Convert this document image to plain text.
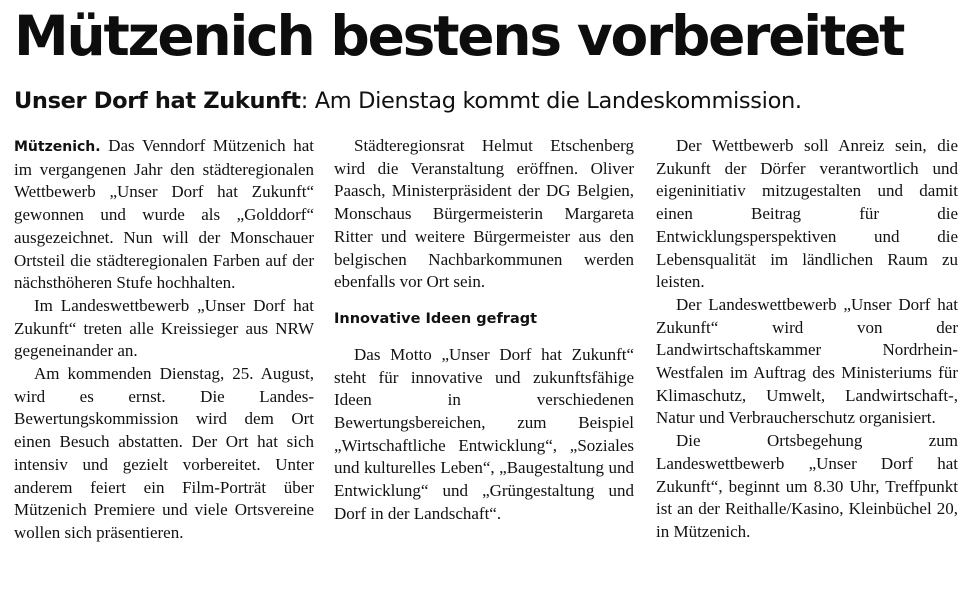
Mützenich bestens vorbereitet

Unser Dorf hat Zukunft: Am Dienstag kommt die Landeskommission.

Mützenich. Das Venndorf Mützenich hat im vergangenen Jahr den städteregionalen Wettbewerb „Unser Dorf hat Zukunft“ gewonnen und wurde als „Golddorf“ ausgezeichnet. Nun will der Monschauer Ortsteil die städteregionalen Farben auf der nächsthöheren Stufe hochhalten.

Im Landeswettbewerb „Unser Dorf hat Zukunft“ treten alle Kreissieger aus NRW gegeneinander an.

Am kommenden Dienstag, 25. August, wird es ernst. Die Landes-Bewertungskommission wird dem Ort einen Besuch abstatten. Der Ort hat sich intensiv und gezielt vorbereitet. Unter anderem feiert ein Film-Porträt über Mützenich Premiere und viele Ortsvereine wollen sich präsentieren.

Städteregionsrat Helmut Etschenberg wird die Veranstaltung eröffnen. Oliver Paasch, Ministerpräsident der DG Belgien, Monschaus Bürgermeisterin Margareta Ritter und weitere Bürgermeister aus den belgischen Nachbarkommunen werden ebenfalls vor Ort sein.

Innovative Ideen gefragt

Das Motto „Unser Dorf hat Zukunft“ steht für innovative und zukunftsfähige Ideen in verschiedenen Bewertungsbereichen, zum Beispiel „Wirtschaftliche Entwicklung“, „Soziales und kulturelles Leben“, „Baugestaltung und Entwicklung“ und „Grüngestaltung und Dorf in der Landschaft“.

Der Wettbewerb soll Anreiz sein, die Zukunft der Dörfer verantwortlich und eigeninitiativ mitzugestalten und damit einen Beitrag für die Entwicklungsperspektiven und die Lebensqualität im ländlichen Raum zu leisten.

Der Landeswettbewerb „Unser Dorf hat Zukunft“ wird von der Landwirtschaftskammer Nordrhein-Westfalen im Auftrag des Ministeriums für Klimaschutz, Umwelt, Landwirtschaft-, Natur und Verbraucherschutz organisiert.

Die Ortsbegehung zum Landeswettbewerb „Unser Dorf hat Zukunft“, beginnt um 8.30 Uhr, Treffpunkt ist an der Reithalle/Kasino, Kleinbüchel 20, in Mützenich.
